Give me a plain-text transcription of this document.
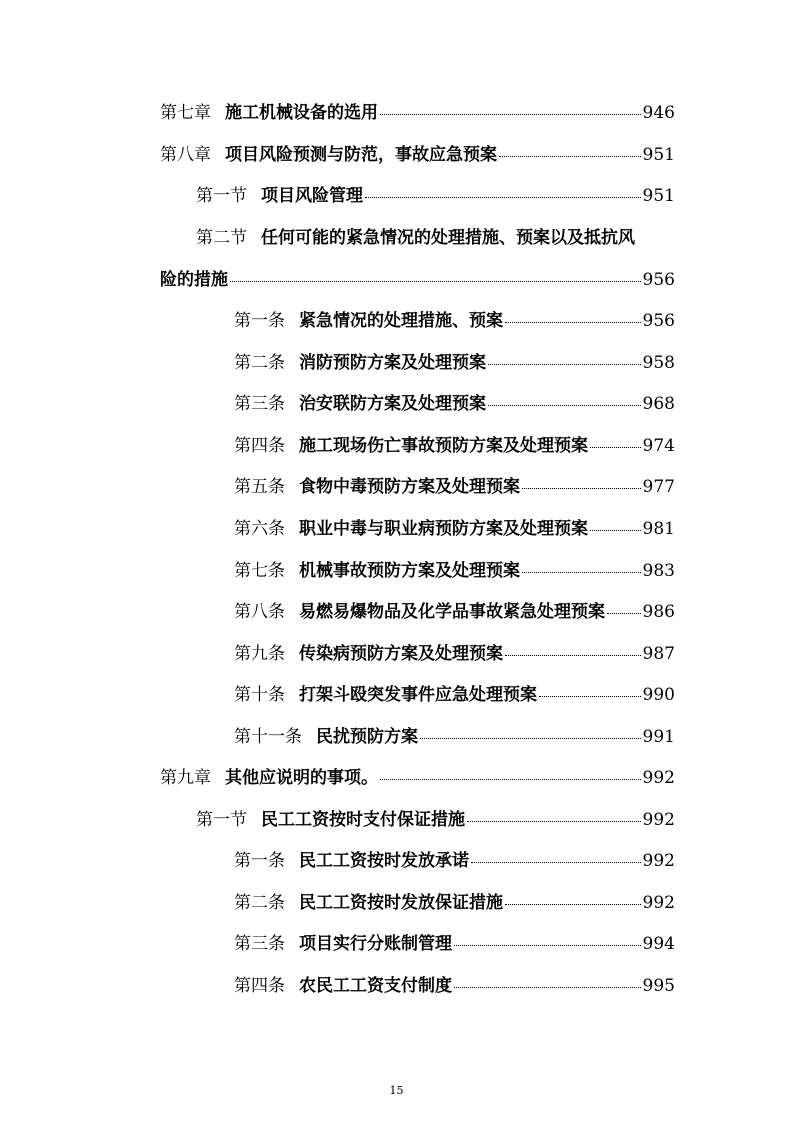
第七章 施工机械设备的选用	946
第八章 项目风险预测与防范，事故应急预案	951
第一节 项目风险管理	951
第二节 任何可能的紧急情况的处理措施、预案以及抵抗风
险的措施	956
第一条 紧急情况的处理措施、预案	956
第二条 消防预防方案及处理预案	958
第三条 治安联防方案及处理预案	968
第四条 施工现场伤亡事故预防方案及处理预案	974
第五条 食物中毒预防方案及处理预案	977
第六条 职业中毒与职业病预防方案及处理预案	981
第七条 机械事故预防方案及处理预案	983
第八条 易燃易爆物品及化学品事故紧急处理预案 986
第九条 传染病预防方案及处理预案	987
第十条 打架斗殴突发事件应急处理预案	990
第十一条 民扰预防方案	991
第九章 其他应说明的事项。	992
第一节 民工工资按时支付保证措施	992
第一条 民工工资按时发放承诺	992
第二条 民工工资按时发放保证措施	992
第三条 项目实行分账制管理	994
第四条 农民工工资支付制度	995
15
